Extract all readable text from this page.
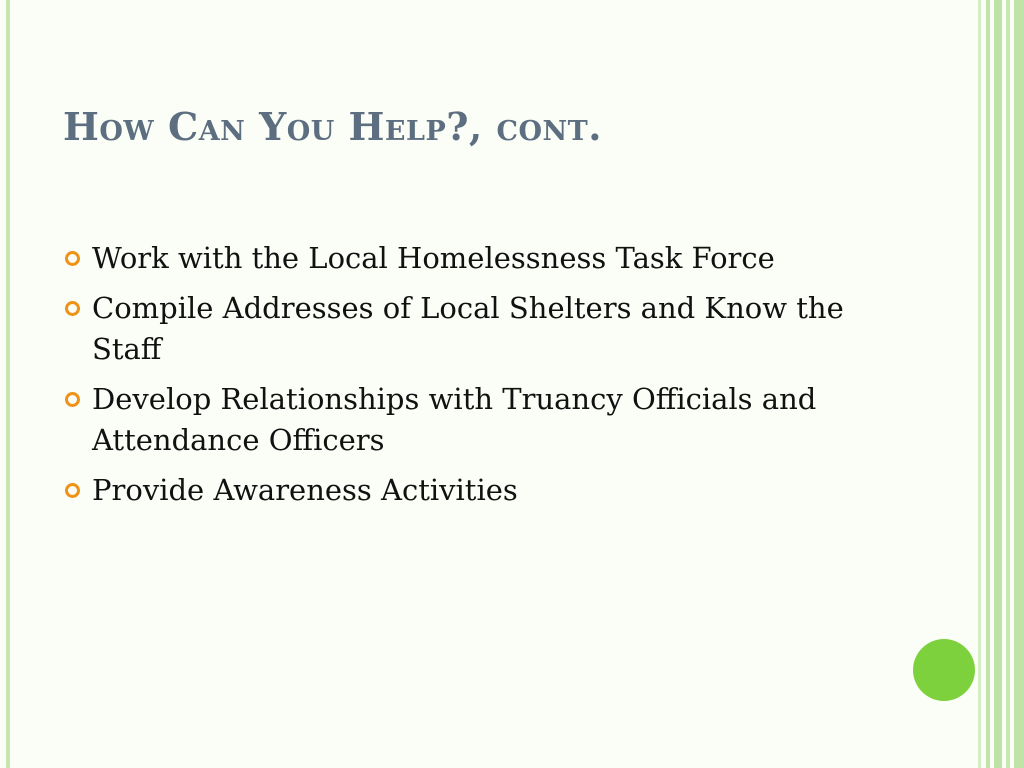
How Can You Help?, cont.
Work with the Local Homelessness Task Force
Compile Addresses of Local Shelters and Know the Staff
Develop Relationships with Truancy Officials and Attendance Officers
Provide Awareness Activities
